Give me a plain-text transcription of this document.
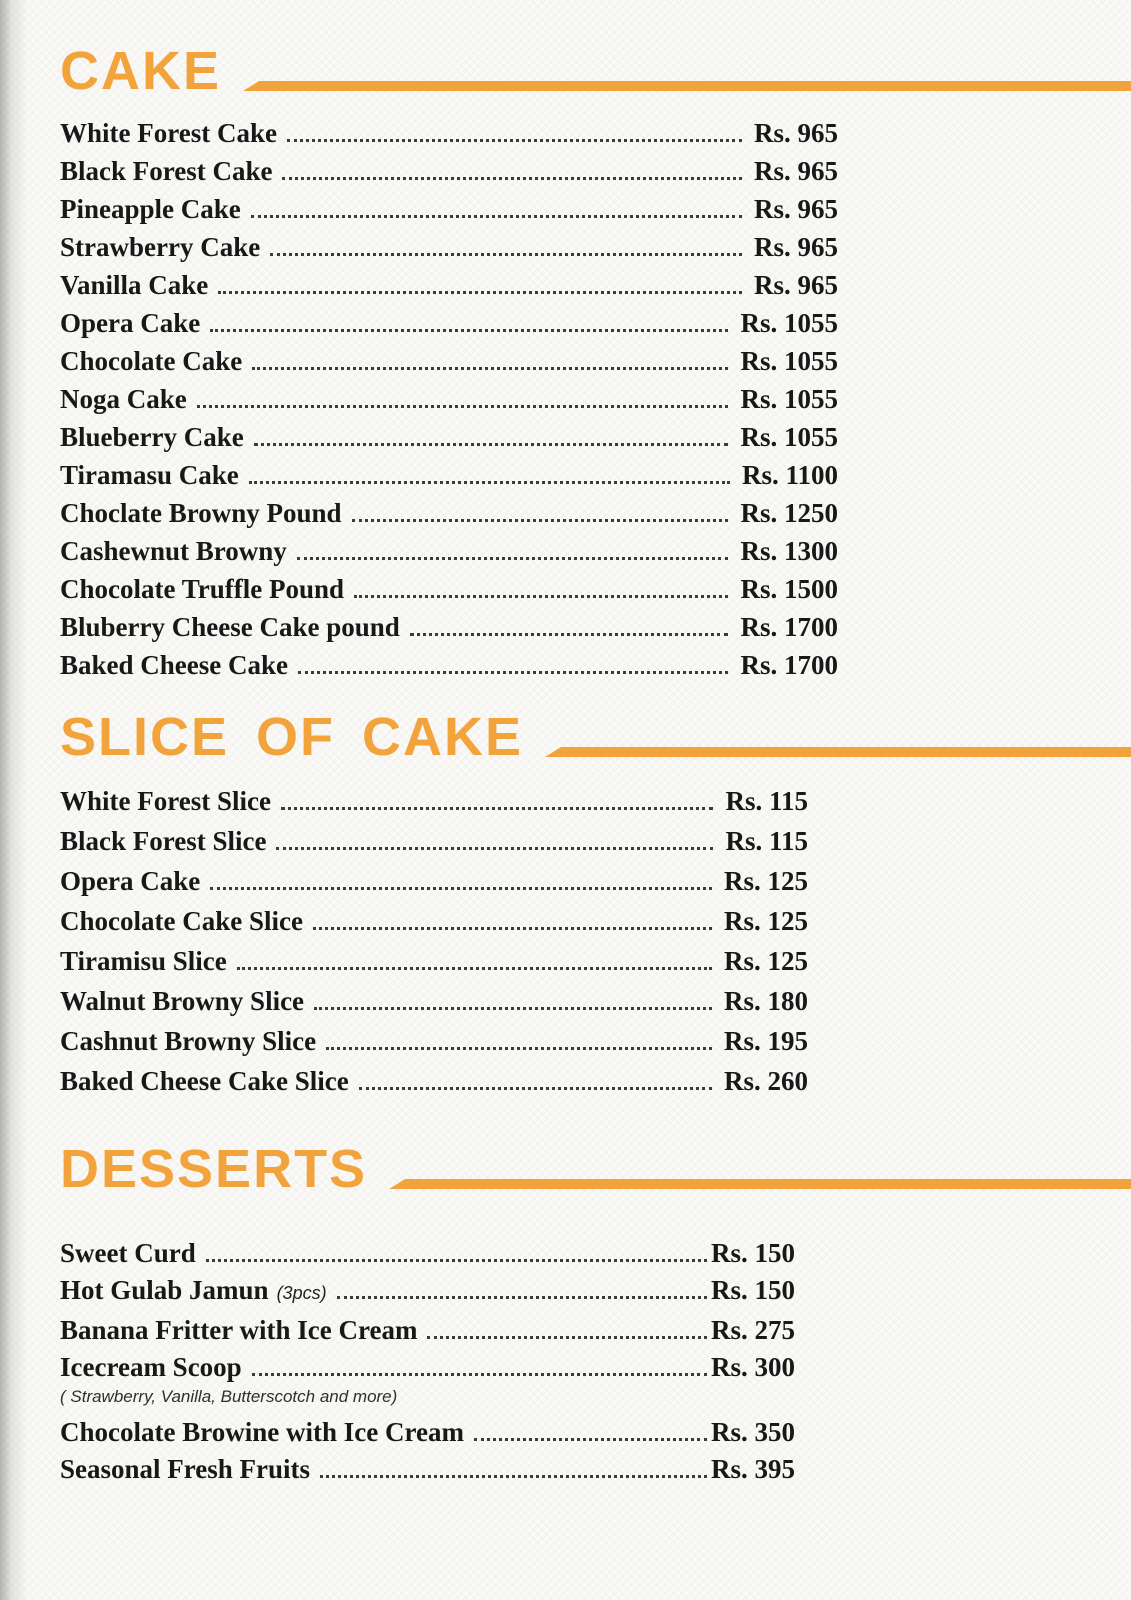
CAKE
White Forest Cake	Rs. 965
Black Forest Cake	Rs. 965
Pineapple Cake	Rs. 965
Strawberry Cake	Rs. 965
Vanilla Cake	Rs. 965
Opera Cake	Rs. 1055
Chocolate Cake	Rs. 1055
Noga Cake	Rs. 1055
Blueberry Cake	Rs. 1055
Tiramasu Cake	Rs. 1100
Choclate Browny Pound	Rs. 1250
Cashewnut Browny	Rs. 1300
Chocolate Truffle Pound	Rs. 1500
Bluberry Cheese Cake pound	Rs. 1700
Baked Cheese Cake	Rs. 1700
SLICE OF CAKE
White Forest Slice	Rs. 115
Black Forest Slice	Rs. 115
Opera Cake	Rs. 125
Chocolate Cake Slice	Rs. 125
Tiramisu Slice	Rs. 125
Walnut Browny Slice	Rs. 180
Cashnut Browny Slice	Rs. 195
Baked Cheese Cake Slice	Rs. 260
DESSERTS
Sweet Curd	Rs. 150
Hot Gulab Jamun (3pcs)	Rs. 150
Banana Fritter with Ice Cream	Rs. 275
Icecream Scoop	Rs. 300
( Strawberry, Vanilla, Butterscotch and more)
Chocolate Browine with Ice Cream	Rs. 350
Seasonal Fresh Fruits	Rs. 395
